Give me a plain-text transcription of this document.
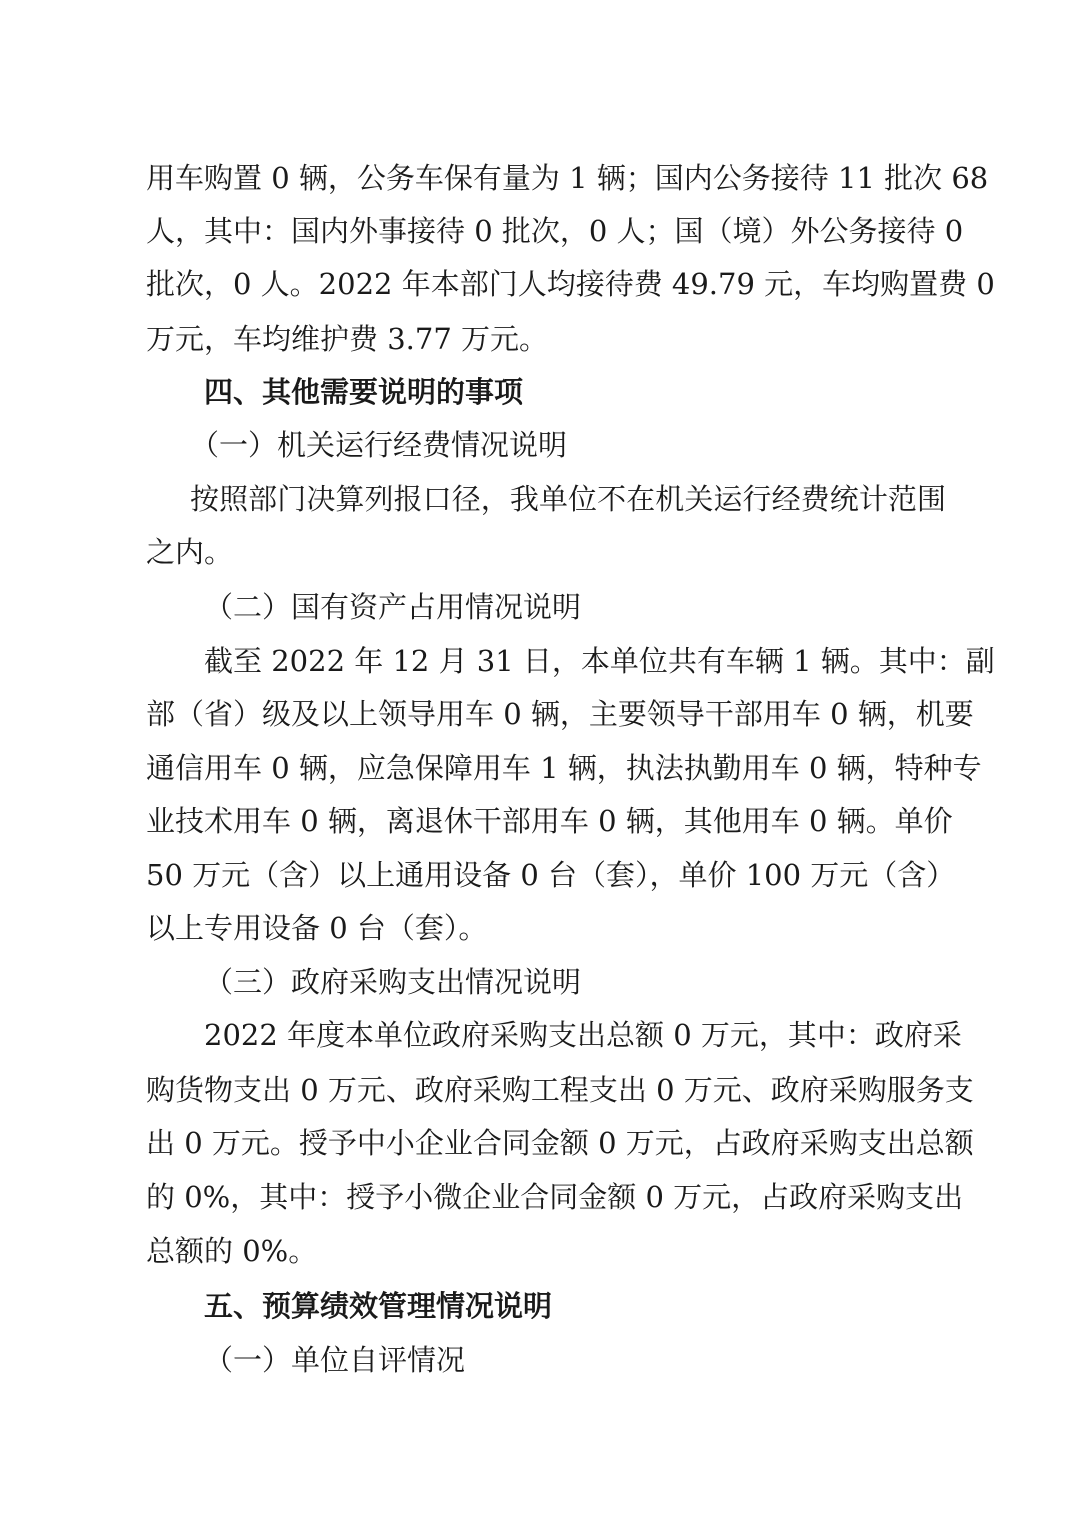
用车购置 0 辆，公务车保有量为 1 辆；国内公务接待 11 批次 68
人，其中：国内外事接待 0 批次，0 人；国（境）外公务接待 0
批次，0 人。2022 年本部门人均接待费 49.79 元，车均购置费 0
万元，车均维护费 3.77 万元。
四、其他需要说明的事项
（一）机关运行经费情况说明
按照部门决算列报口径，我单位不在机关运行经费统计范围
之内。
（二）国有资产占用情况说明
截至 2022 年 12 月 31 日，本单位共有车辆 1 辆。其中：副
部（省）级及以上领导用车 0 辆，主要领导干部用车 0 辆，机要
通信用车 0 辆，应急保障用车 1 辆，执法执勤用车 0 辆，特种专
业技术用车 0 辆，离退休干部用车 0 辆，其他用车 0 辆。单价
50 万元（含）以上通用设备 0 台（套），单价 100 万元（含）
以上专用设备 0 台（套）。
（三）政府采购支出情况说明
2022 年度本单位政府采购支出总额 0 万元，其中：政府采
购货物支出 0 万元、政府采购工程支出 0 万元、政府采购服务支
出 0 万元。授予中小企业合同金额 0 万元，占政府采购支出总额
的 0%，其中：授予小微企业合同金额 0 万元，占政府采购支出
总额的 0%。
五、预算绩效管理情况说明
（一）单位自评情况
